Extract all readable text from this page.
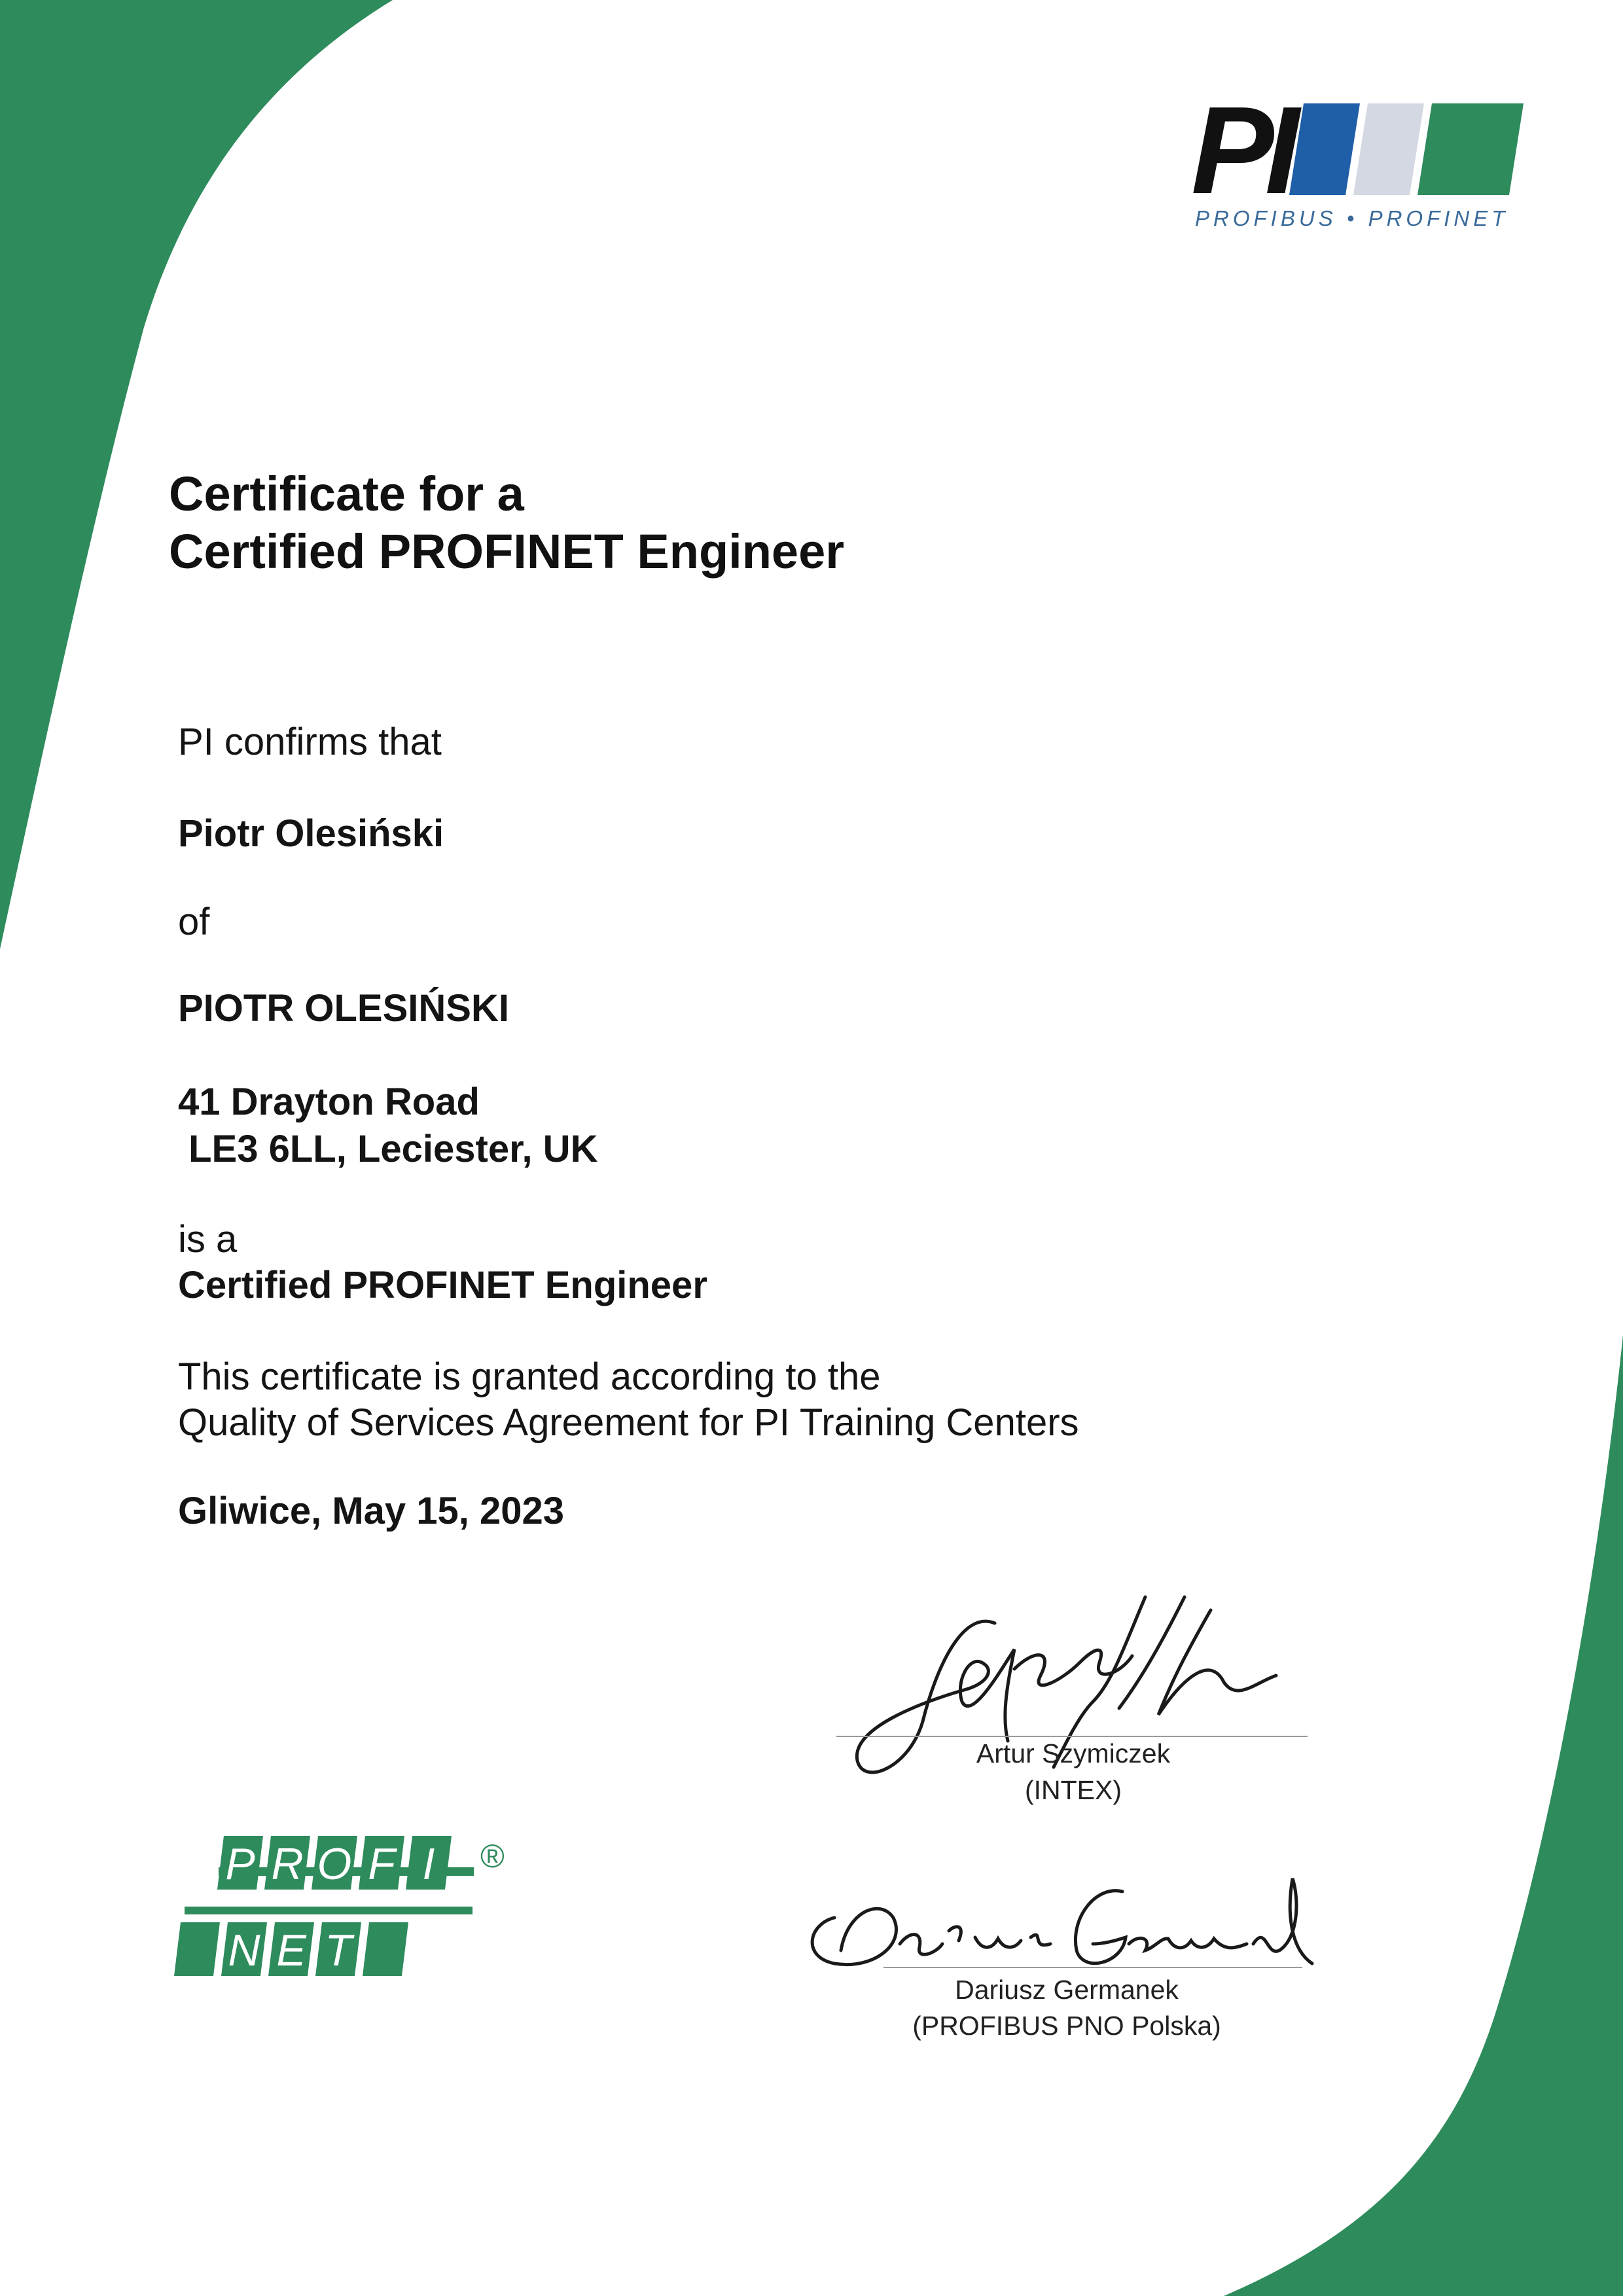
PI
PROFIBUS • PROFINET
Certificate for a
Certified PROFINET Engineer
PI confirms that
Piotr Olesiński
of
PIOTR OLESIŃSKI
41 Drayton Road
LE3 6LL, Leciester, UK
is a
Certified PROFINET Engineer
This certificate is granted according to the
Quality of Services Agreement for PI Training Centers
Gliwice, May 15, 2023
Artur Szymiczek
(INTEX)
Dariusz Germanek
(PROFIBUS PNO Polska)
P R O F I
N E T
®
